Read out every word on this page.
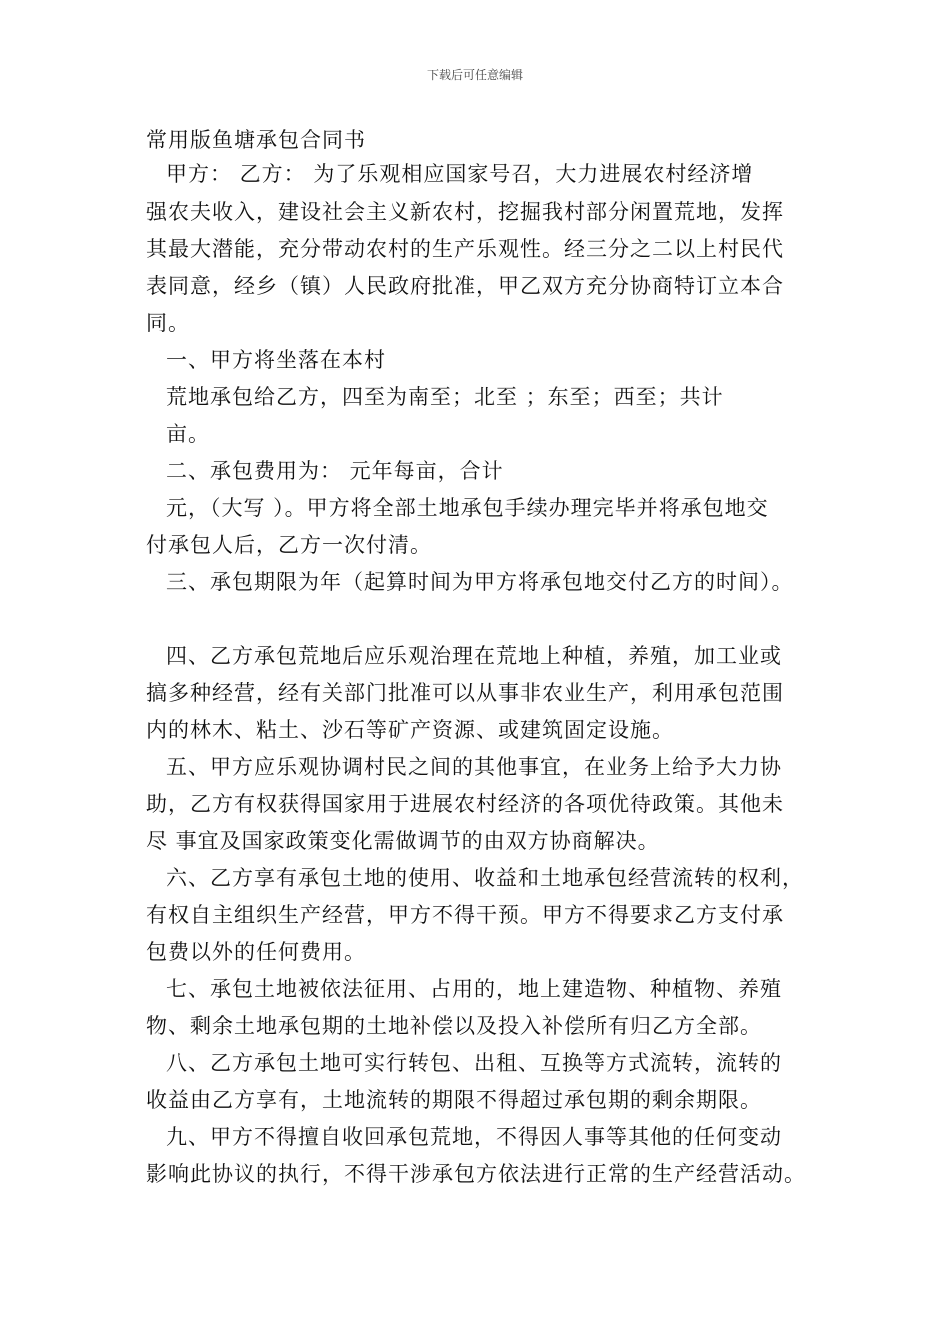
下载后可任意编辑
常用版鱼塘承包合同书
甲方： 乙方： 为了乐观相应国家号召，大力进展农村经济增
强农夫收入，建设社会主义新农村，挖掘我村部分闲置荒地，发挥
其最大潜能，充分带动农村的生产乐观性。经三分之二以上村民代
表同意，经乡（镇）人民政府批准，甲乙双方充分协商特订立本合
同。
一、甲方将坐落在本村
荒地承包给乙方，四至为南至；北至 ；东至；西至；共计
亩。
二、承包费用为： 元年每亩，合计
元，（大写 ）。甲方将全部土地承包手续办理完毕并将承包地交
付承包人后，乙方一次付清。
三、承包期限为年（起算时间为甲方将承包地交付乙方的时间）。
四、乙方承包荒地后应乐观治理在荒地上种植，养殖，加工业或
搞多种经营，经有关部门批准可以从事非农业生产，利用承包范围
内的林木、粘土、沙石等矿产资源、或建筑固定设施。
五、甲方应乐观协调村民之间的其他事宜，在业务上给予大力协
助，乙方有权获得国家用于进展农村经济的各项优待政策。其他未
尽 事宜及国家政策变化需做调节的由双方协商解决。
六、乙方享有承包土地的使用、收益和土地承包经营流转的权利，
有权自主组织生产经营，甲方不得干预。甲方不得要求乙方支付承
包费以外的任何费用。
七、承包土地被依法征用、占用的，地上建造物、种植物、养殖
物、剩余土地承包期的土地补偿以及投入补偿所有归乙方全部。
八、乙方承包土地可实行转包、出租、互换等方式流转，流转的
收益由乙方享有，土地流转的期限不得超过承包期的剩余期限。
九、甲方不得擅自收回承包荒地，不得因人事等其他的任何变动
影响此协议的执行，不得干涉承包方依法进行正常的生产经营活动。
